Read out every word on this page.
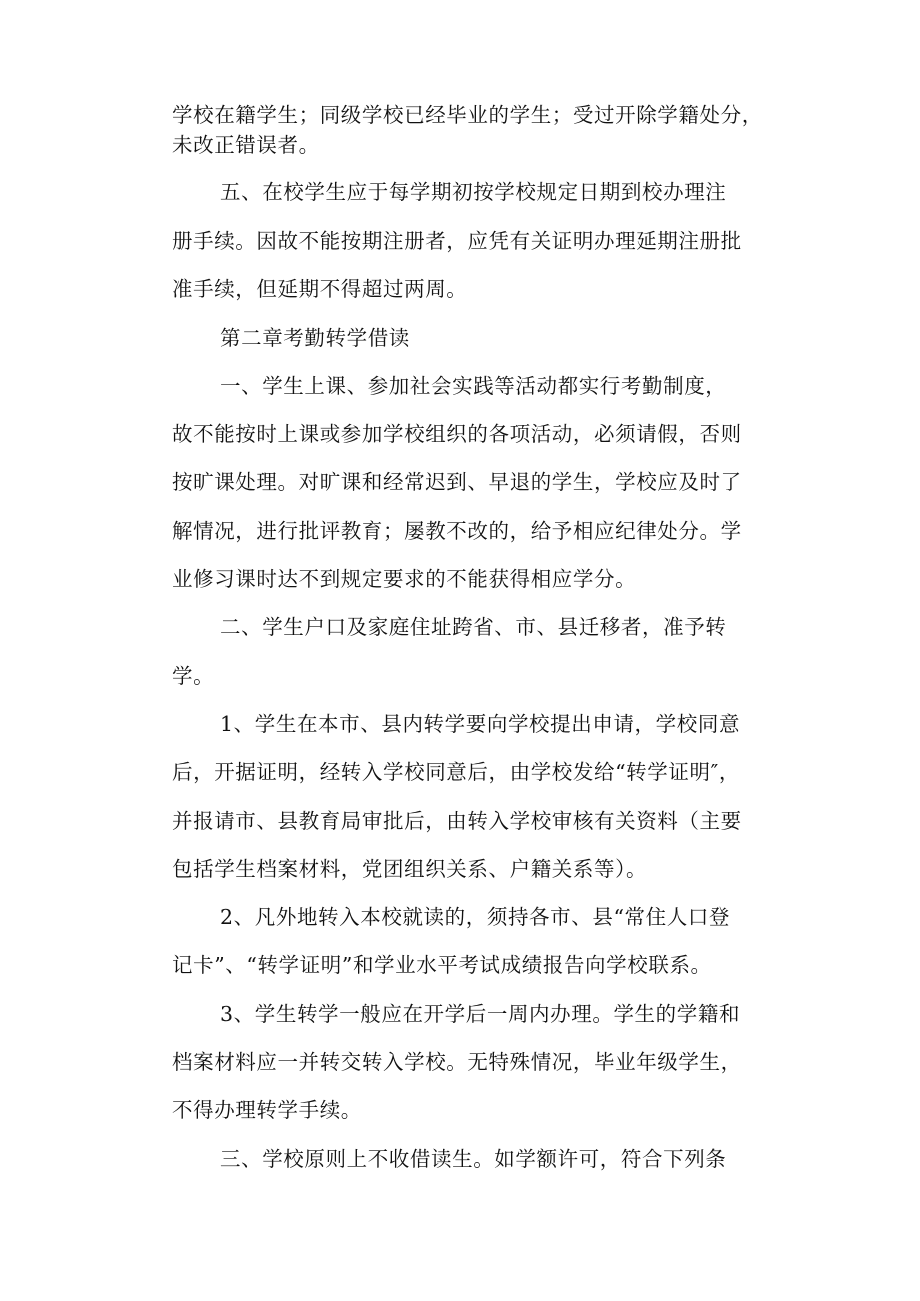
学校在籍学生；同级学校已经毕业的学生；受过开除学籍处分，
未改正错误者。
五、在校学生应于每学期初按学校规定日期到校办理注
册手续。因故不能按期注册者，应凭有关证明办理延期注册批
准手续，但延期不得超过两周。
第二章考勤转学借读
一、学生上课、参加社会实践等活动都实行考勤制度，
故不能按时上课或参加学校组织的各项活动，必须请假，否则
按旷课处理。对旷课和经常迟到、早退的学生，学校应及时了
解情况，进行批评教育；屡教不改的，给予相应纪律处分。学
业修习课时达不到规定要求的不能获得相应学分。
二、学生户口及家庭住址跨省、市、县迁移者，准予转
学。
1、学生在本市、县内转学要向学校提出申请，学校同意
后，开据证明，经转入学校同意后，由学校发给“转学证明″，
并报请市、县教育局审批后，由转入学校审核有关资料（主要
包括学生档案材料，党团组织关系、户籍关系等）。
2、凡外地转入本校就读的，须持各市、县“常住人口登
记卡”、“转学证明”和学业水平考试成绩报告向学校联系。
3、学生转学一般应在开学后一周内办理。学生的学籍和
档案材料应一并转交转入学校。无特殊情况，毕业年级学生，
不得办理转学手续。
三、学校原则上不收借读生。如学额许可，符合下列条
